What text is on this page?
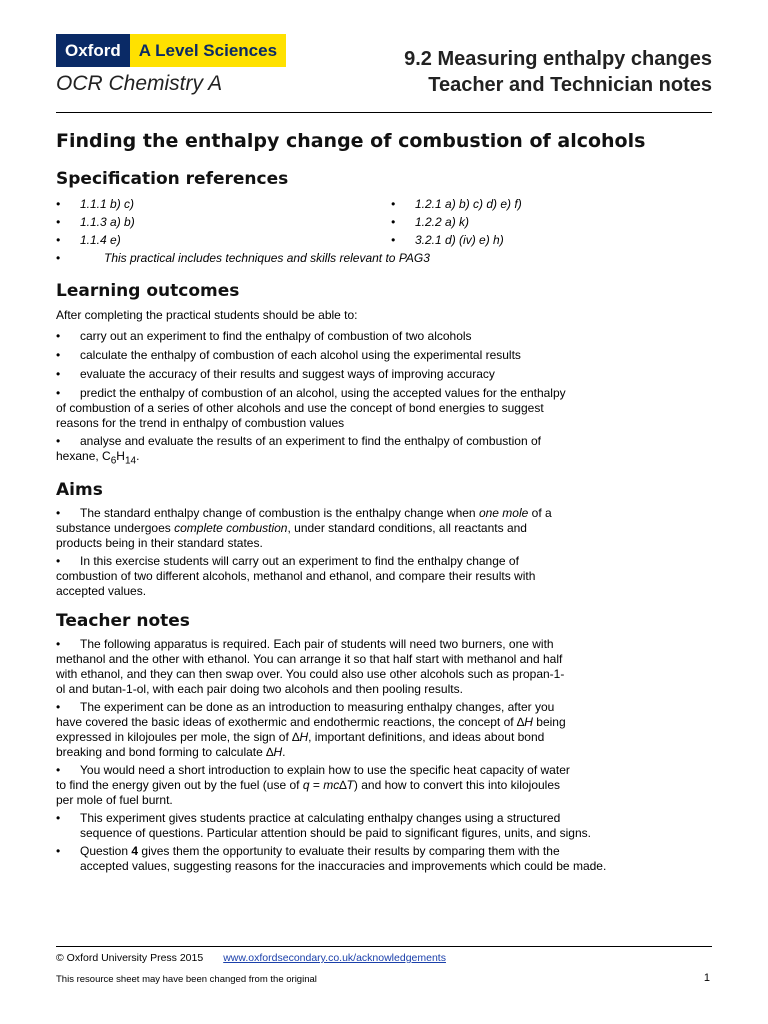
Oxford	A Level Sciences
OCR Chemistry A
9.2 Measuring enthalpy changes
Teacher and Technician notes
Finding the enthalpy change of combustion of alcohols
Specification references
• 1.1.1 b) c)	• 1.2.1 a) b) c) d) e) f)
• 1.1.3 a) b)	• 1.2.2 a) k)
• 1.1.4 e)	• 3.2.1 d) (iv) e) h)
• This practical includes techniques and skills relevant to PAG3
Learning outcomes

After completing the practical students should be able to:

• carry out an experiment to find the enthalpy of combustion of two alcohols
• calculate the enthalpy of combustion of each alcohol using the experimental results
• evaluate the accuracy of their results and suggest ways of improving accuracy
• predict the enthalpy of combustion of an alcohol, using the accepted values for the enthalpy
of combustion of a series of other alcohols and use the concept of bond energies to suggest
reasons for the trend in enthalpy of combustion values
• analyse and evaluate the results of an experiment to find the enthalpy of combustion of
hexane, $C_6H_{14}$.
Aims
• The standard enthalpy change of combustion is the enthalpy change when one mole of a
substance undergoes complete combustion, under standard conditions, all reactants and
products being in their standard states.
• In this exercise students will carry out an experiment to find the enthalpy change of
combustion of two different alcohols, methanol and ethanol, and compare their results with
accepted values.
Teacher notes
• The following apparatus is required. Each pair of students will need two burners, one with
methanol and the other with ethanol. You can arrange it so that half start with methanol and half
with ethanol, and they can then swap over. You could also use other alcohols such as propan-1-
ol and butan-1-ol, with each pair doing two alcohols and then pooling results.
• The experiment can be done as an introduction to measuring enthalpy changes, after you
have covered the basic ideas of exothermic and endothermic reactions, the concept of ∆H being
expressed in kilojoules per mole, the sign of ∆H, important definitions, and ideas about bond
breaking and bond forming to calculate ∆H.
• You would need a short introduction to explain how to use the specific heat capacity of water
to find the energy given out by the fuel (use of q = mc∆T) and how to convert this into kilojoules
per mole of fuel burnt.
• This experiment gives students practice at calculating enthalpy changes using a structured
sequence of questions. Particular attention should be paid to significant figures, units, and signs.
• Question 4 gives them the opportunity to evaluate their results by comparing them with the
accepted values, suggesting reasons for the inaccuracies and improvements which could be made.
© Oxford University Press 2015 www.oxfordsecondary.co.uk/acknowledgements
This resource sheet may have been changed from the original	1
